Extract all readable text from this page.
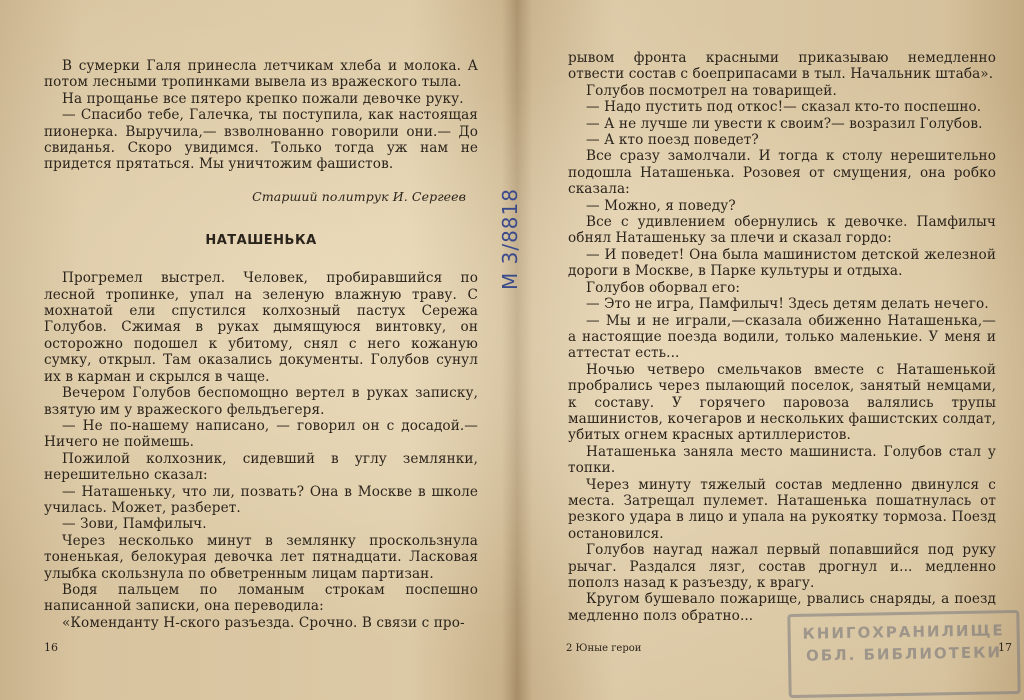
В сумерки Галя принесла летчикам хлеба и молока. А потом лесными тропинками вывела из вражеского тыла.

На прощанье все пятеро крепко пожали девочке руку.

— Спасибо тебе, Галечка, ты поступила, как настоящая пионерка. Выручила,— взволнованно говорили они.— До свиданья. Скоро увидимся. Только тогда уж нам не придется прятаться. Мы уничтожим фашистов.

Старший политрук И. Сергеев

НАТАШЕНЬКА

Прогремел выстрел. Человек, пробиравшийся по лесной тропинке, упал на зеленую влажную траву. С мохнатой ели спустился колхозный пастух Сережа Голубов. Сжимая в руках дымящуюся винтовку, он осторожно подошел к убитому, снял с него кожаную сумку, открыл. Там оказались документы. Голубов сунул их в карман и скрылся в чаще.

Вечером Голубов беспомощно вертел в руках записку, взятую им у вражеского фельдъегеря.

— Не по-нашему написано, — говорил он с досадой.— Ничего не поймешь.

Пожилой колхозник, сидевший в углу землянки, нерешительно сказал:

— Наташеньку, что ли, позвать? Она в Москве в школе училась. Может, разберет.

— Зови, Памфилыч.

Через несколько минут в землянку проскользнула тоненькая, белокурая девочка лет пятнадцати. Ласковая улыбка скользнула по обветренным лицам партизан.

Водя пальцем по ломаным строкам поспешно написанной записки, она переводила:

«Коменданту Н-ского разъезда. Срочно. В связи с про-

16
М 3/8818

рывом фронта красными приказываю немедленно отвести состав с боеприпасами в тыл. Начальник штаба».

Голубов посмотрел на товарищей.

— Надо пустить под откос!— сказал кто-то поспешно.

— А не лучше ли увести к своим?— возразил Голубов.

— А кто поезд поведет?

Все сразу замолчали. И тогда к столу нерешительно подошла Наташенька. Розовея от смущения, она робко сказала:

— Можно, я поведу?

Все с удивлением обернулись к девочке. Памфилыч обнял Наташеньку за плечи и сказал гордо:

— И поведет! Она была машинистом детской железной дороги в Москве, в Парке культуры и отдыха.

Голубов оборвал его:

— Это не игра, Памфилыч! Здесь детям делать нечего.

— Мы и не играли,—сказала обиженно Наташенька,— а настоящие поезда водили, только маленькие. У меня и аттестат есть...

Ночью четверо смельчаков вместе с Наташенькой пробрались через пылающий поселок, занятый немцами, к составу. У горячего паровоза валялись трупы машинистов, кочегаров и нескольких фашистских солдат, убитых огнем красных артиллеристов.

Наташенька заняла место машиниста. Голубов стал у топки.

Через минуту тяжелый состав медленно двинулся с места. Затрещал пулемет. Наташенька пошатнулась от резкого удара в лицо и упала на рукоятку тормоза. Поезд остановился.

Голубов наугад нажал первый попавшийся под руку рычаг. Раздался лязг, состав дрогнул и... медленно пополз назад к разъезду, к врагу.

Кругом бушевало пожарище, рвались снаряды, а поезд медленно полз обратно...

2 Юные герои
КНИГОХРАНИЛИЩЕ
ОБЛ. БИБЛИОТЕКИ
17
